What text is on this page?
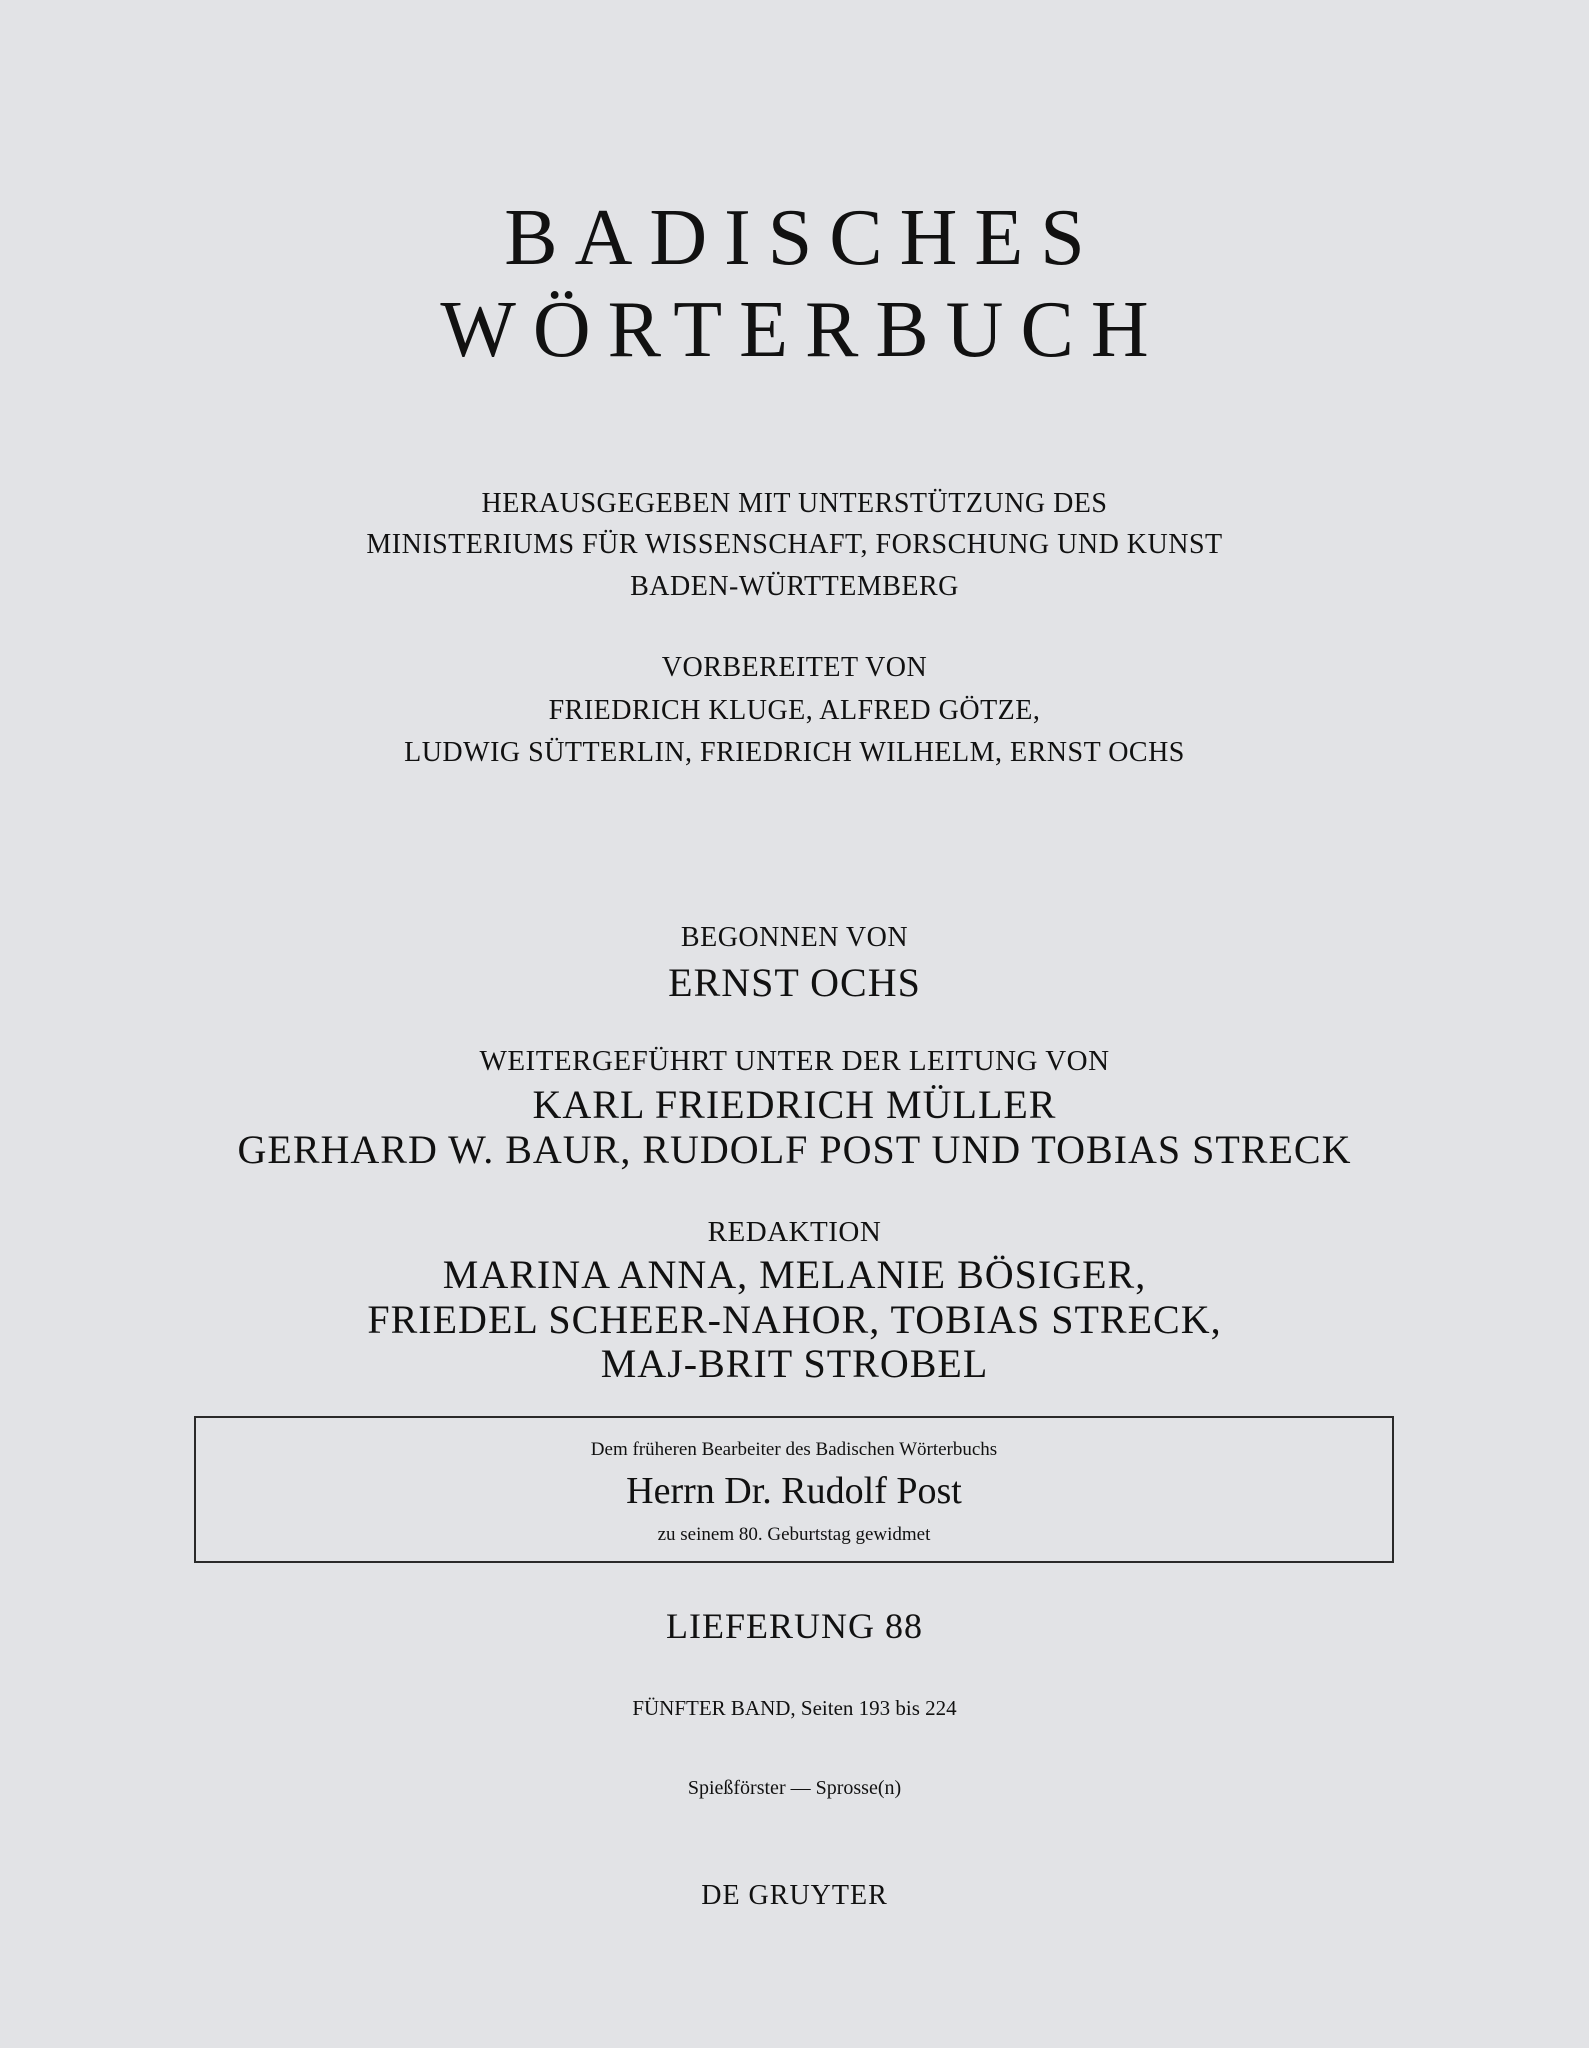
BADISCHES
WÖRTERBUCH
HERAUSGEGEBEN MIT UNTERSTÜTZUNG DES
MINISTERIUMS FÜR WISSENSCHAFT, FORSCHUNG UND KUNST
BADEN-WÜRTTEMBERG
VORBEREITET VON
FRIEDRICH KLUGE, ALFRED GÖTZE,
LUDWIG SÜTTERLIN, FRIEDRICH WILHELM, ERNST OCHS
BEGONNEN VON
ERNST OCHS
WEITERGEFÜHRT UNTER DER LEITUNG VON
KARL FRIEDRICH MÜLLER
GERHARD W. BAUR, RUDOLF POST UND TOBIAS STRECK
REDAKTION
MARINA ANNA, MELANIE BÖSIGER,
FRIEDEL SCHEER-NAHOR, TOBIAS STRECK,
MAJ-BRIT STROBEL
Dem früheren Bearbeiter des Badischen Wörterbuchs
Herrn Dr. Rudolf Post
zu seinem 80. Geburtstag gewidmet
LIEFERUNG 88
FÜNFTER BAND, Seiten 193 bis 224
Spießförster — Sprosse(n)
DE GRUYTER
